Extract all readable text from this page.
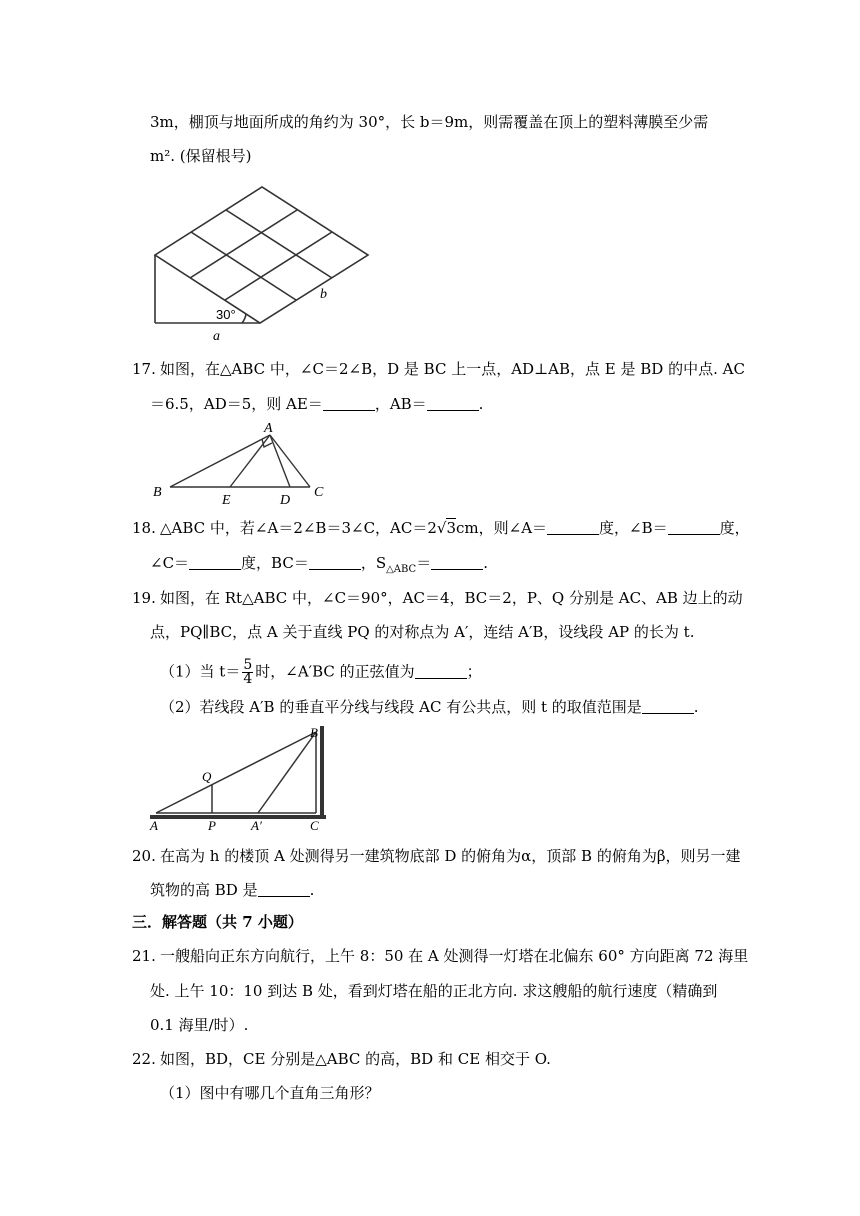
3m，棚顶与地面所成的角约为 30°，长 b＝9m，则需覆盖在顶上的塑料薄膜至少需
m². (保留根号)
30°
a
b
17. 如图，在△ABC 中，∠C＝2∠B，D 是 BC 上一点，AD⊥AB，点 E 是 BD 的中点. AC
＝6.5，AD＝5，则 AE＝	，AB＝	.
A
B	C
D
E
18. △ABC 中，若∠A＝2∠B＝3∠C，AC＝2√3cm，则∠A＝	度，∠B＝	度，
∠C＝	度，BC＝	，$S_{\triangle ABC}=$	.
19. 如图，在 Rt△ABC 中，∠C＝90°，AC＝4，BC＝2，P、Q 分别是 AC、AB 边上的动
点，PQ∥BC，点 A 关于直线 PQ 的对称点为 A′，连结 A′B，设线段 AP 的长为 t.
（1）当 $t= \frac{5}{4}$ 时，∠A′BC 的正弦值为	；
（2）若线段 A′B 的垂直平分线与线段 AC 有公共点，则 t 的取值范围是	.
A
B
C
P
Q
A′
20. 在高为 h 的楼顶 A 处测得另一建筑物底部 D 的俯角为α，顶部 B 的俯角为β，则另一建
筑物的高 BD 是	.
三．解答题（共 7 小题）
21. 一艘船向正东方向航行，上午 8：50 在 A 处测得一灯塔在北偏东 60° 方向距离 72 海里
处. 上午 10：10 到达 B 处，看到灯塔在船的正北方向. 求这艘船的航行速度（精确到
0.1 海里/时）.
22. 如图，BD，CE 分别是△ABC 的高，BD 和 CE 相交于 O.
（1）图中有哪几个直角三角形？
